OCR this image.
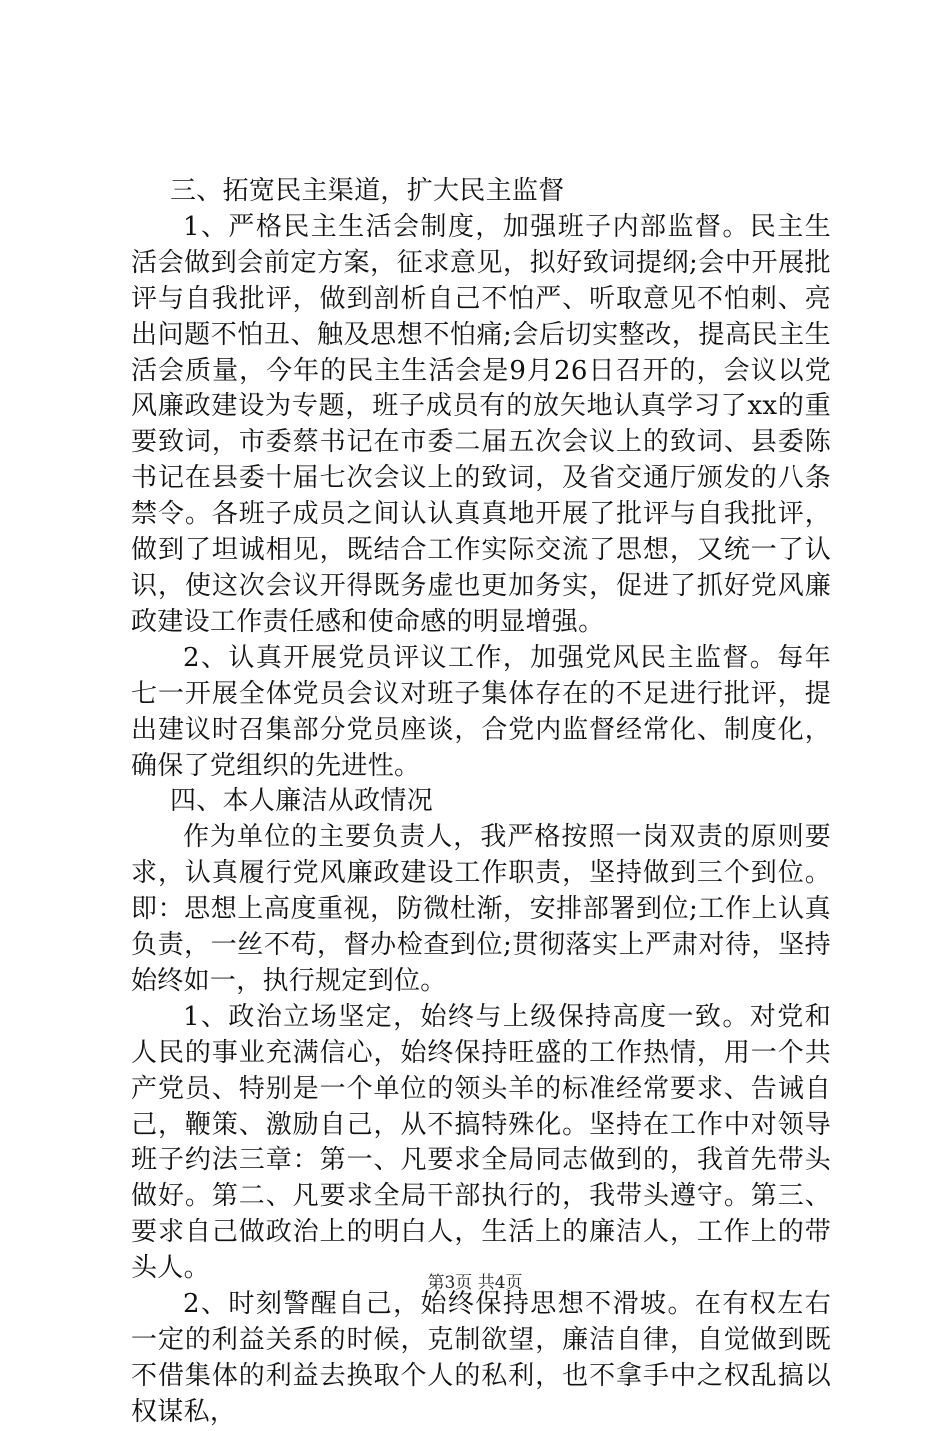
三、拓宽民主渠道，扩大民主监督

1、严格民主生活会制度，加强班子内部监督。民主生活会做到会前定方案，征求意见，拟好致词提纲;会中开展批评与自我批评，做到剖析自己不怕严、听取意见不怕刺、亮出问题不怕丑、触及思想不怕痛;会后切实整改，提高民主生活会质量，今年的民主生活会是9月26日召开的，会议以党风廉政建设为专题，班子成员有的放矢地认真学习了xx的重要致词，市委蔡书记在市委二届五次会议上的致词、县委陈书记在县委十届七次会议上的致词，及省交通厅颁发的八条禁令。各班子成员之间认认真真地开展了批评与自我批评，做到了坦诚相见，既结合工作实际交流了思想，又统一了认识，使这次会议开得既务虚也更加务实，促进了抓好党风廉政建设工作责任感和使命感的明显增强。

2、认真开展党员评议工作，加强党风民主监督。每年七一开展全体党员会议对班子集体存在的不足进行批评，提出建议时召集部分党员座谈，合党内监督经常化、制度化，确保了党组织的先进性。

四、本人廉洁从政情况

作为单位的主要负责人，我严格按照一岗双责的原则要求，认真履行党风廉政建设工作职责，坚持做到三个到位。即：思想上高度重视，防微杜渐，安排部署到位;工作上认真负责，一丝不苟，督办检查到位;贯彻落实上严肃对待，坚持始终如一，执行规定到位。

1、政治立场坚定，始终与上级保持高度一致。对党和人民的事业充满信心，始终保持旺盛的工作热情，用一个共产党员、特别是一个单位的领头羊的标准经常要求、告诫自己，鞭策、激励自己，从不搞特殊化。坚持在工作中对领导班子约法三章：第一、凡要求全局同志做到的，我首先带头做好。第二、凡要求全局干部执行的，我带头遵守。第三、要求自己做政治上的明白人，生活上的廉洁人，工作上的带头人。

2、时刻警醒自己，始终保持思想不滑坡。在有权左右一定的利益关系的时候，克制欲望，廉洁自律，自觉做到既不借集体的利益去换取个人的私利，也不拿手中之权乱搞以权谋私，

第3页 共4页
